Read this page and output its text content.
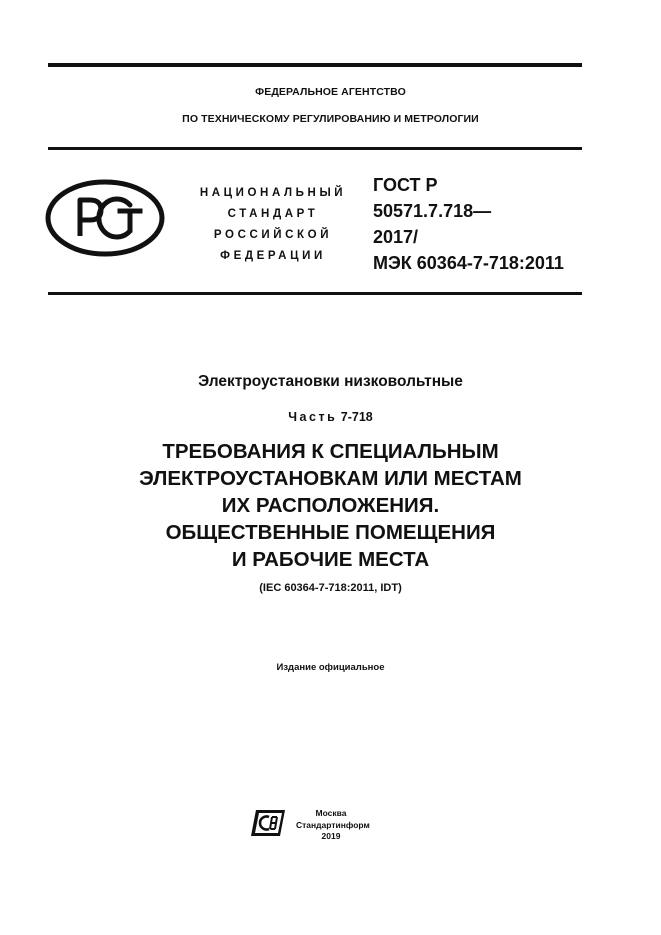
ФЕДЕРАЛЬНОЕ АГЕНТСТВО
ПО ТЕХНИЧЕСКОМУ РЕГУЛИРОВАНИЮ И МЕТРОЛОГИИ
НАЦИОНАЛЬНЫЙ
СТАНДАРТ
РОССИЙСКОЙ
ФЕДЕРАЦИИ
ГОСТ Р
50571.7.718—
2017/
МЭК 60364-7-718:2011
Электроустановки низковольтные
Часть 7-718
ТРЕБОВАНИЯ К СПЕЦИАЛЬНЫМ
ЭЛЕКТРОУСТАНОВКАМ ИЛИ МЕСТАМ
ИХ РАСПОЛОЖЕНИЯ.
ОБЩЕСТВЕННЫЕ ПОМЕЩЕНИЯ
И РАБОЧИЕ МЕСТА
(IEC 60364-7-718:2011, IDT)
Издание официальное
Москва
Стандартинформ
2019
